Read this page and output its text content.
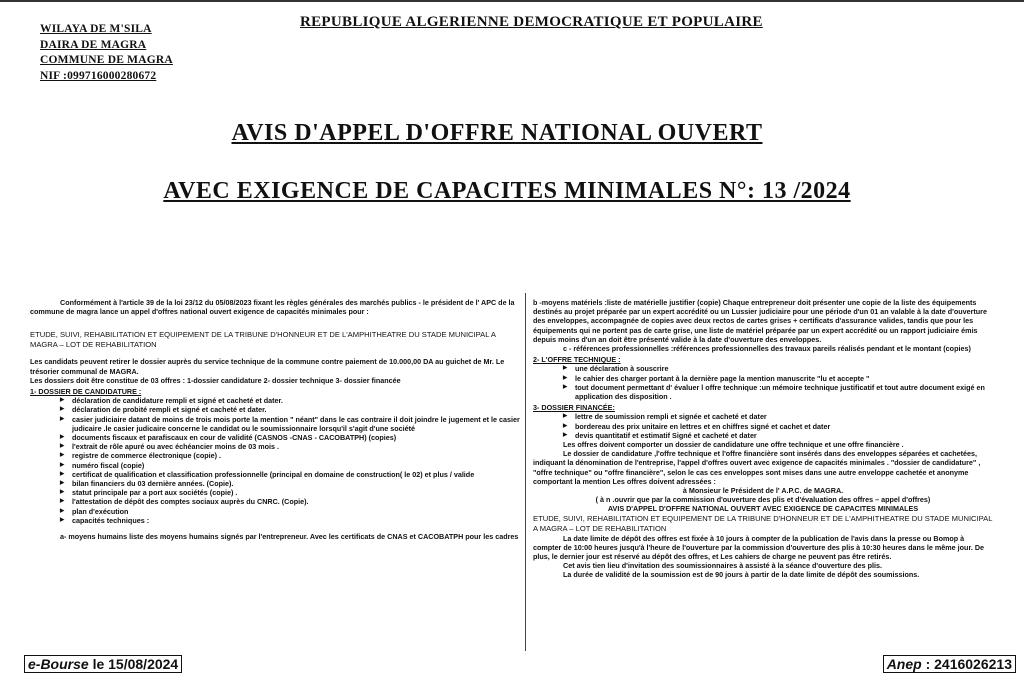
WILAYA DE M'SILA
DAIRA DE MAGRA
COMMUNE DE MAGRA
NIF :099716000280672
REPUBLIQUE ALGERIENNE DEMOCRATIQUE ET POPULAIRE
AVIS D'APPEL D'OFFRE NATIONAL OUVERT
AVEC EXIGENCE DE CAPACITES MINIMALES N°: 13 /2024

Conformément à l'article 39 de la loi 23/12 du 05/08/2023 fixant les règles générales des marchés publics - le président de l' APC de la commune de magra lance un appel d'offres national ouvert exigence de capacités minimales pour :

ETUDE, SUIVI, REHABILITATION ET EQUIPEMENT DE LA TRIBUNE D'HONNEUR ET DE L'AMPHITHEATRE DU STADE MUNICIPAL A MAGRA – LOT DE REHABILITATION

Les candidats peuvent retirer le dossier auprès du service technique de la commune contre paiement de 10.000,00 DA au guichet de Mr. Le trésorier communal de MAGRA.

Les dossiers doit être constitue de 03 offres : 1-dossier candidature 2- dossier technique 3- dossier financée

1- DOSSIER DE CANDIDATURE :

▶ déclaration de candidature rempli et signé et cacheté et dater.
▶ déclaration de probité rempli et signé et cacheté et dater.
▶ casier judiciaire datant de moins de trois mois porte la mention " néant" dans le cas contraire il doit joindre le jugement et le casier judicaire .le casier judicaire concerne le candidat ou le soumissionnaire lorsqu'il s'agit d'une société
▶ documents fiscaux et parafiscaux en cour de validité (CASNOS -CNAS - CACOBATPH) (copies)
▶ l'extrait de rôle apuré ou avec échéancier moins de 03 mois .
▶ registre de commerce électronique (copie) .
▶ numéro fiscal (copie)
▶ certificat de qualification et classification professionnelle (principal en domaine de construction( le 02) et plus / valide
▶ bilan financiers du 03 dernière années. (Copie).
▶ statut principale par a port aux sociétés (copie) .
▶ l'attestation de dépôt des comptes sociaux auprès du CNRC. (Copie).
▶ plan d'exécution
▶ capacités techniques :

a- moyens humains liste des moyens humains signés par l'entrepreneur. Avec les certificats de CNAS et CACOBATPH pour les cadres

b -moyens matériels :liste de matérielle justifier (copie) Chaque entrepreneur doit présenter une copie de la liste des équipements destinés au projet préparée par un expert accrédité ou un Lussier judiciaire pour une période d'un 01 an valable à la date d'ouverture des enveloppes, accompagnée de copies avec deux rectos de cartes grises + certificats d'assurance valides, tandis que pour les équipements qui ne portent pas de carte grise, une liste de matériel préparée par un expert accrédité ou un rapport judiciaire émis depuis moins d'un an doit être présenté valide à la date d'ouverture des enveloppes.

c - références professionnelles :références professionnelles des travaux pareils réalisés pendant et le montant (copies)

2- L'OFFRE TECHNIQUE :

▶ une déclaration à souscrire
▶ le cahier des charger portant à la dernière page la mention manuscrite "lu et accepte "
▶ tout document permettant d' évaluer l offre technique :un mémoire technique justificatif et tout autre document exigé en application des disposition .

3- DOSSIER FINANCÉE:

▶ lettre de soumission rempli et signée et cacheté et dater
▶ bordereau des prix unitaire en lettres et en chiffres signé et cachet et dater
▶ devis quantitatif et estimatif Signé et cacheté et dater

Les offres doivent comporter un dossier de candidature une offre technique et une offre financière .

Le dossier de candidature ,l'offre technique et l'offre financière sont insérés dans des enveloppes séparées et cachetées, indiquant la dénomination de l'entreprise, l'appel d'offres ouvert avec exigence de capacités minimales . "dossier de candidature" , "offre technique" ou "offre financière", selon le cas ces enveloppes sont mises dans une autre enveloppe cachetée et anonyme comportant la mention Les offres doivent adressées :

à Monsieur le Président de l' A.P.C. de MAGRA.

( à n .ouvrir que par la commission d'ouverture des plis et d'évaluation des offres – appel d'offres)

AVIS D'APPEL D'OFFRE NATIONAL OUVERT AVEC EXIGENCE DE CAPACITES MINIMALES

ETUDE, SUIVI, REHABILITATION ET EQUIPEMENT DE LA TRIBUNE D'HONNEUR ET DE L'AMPHITHEATRE DU STADE MUNICIPAL A MAGRA – LOT DE REHABILITATION

La date limite de dépôt des offres est fixée à 10 jours à compter de la publication de l'avis dans la presse ou Bomop à compter de 10:00 heures jusqu'à l'heure de l'ouverture par la commission d'ouverture des plis à 10:30 heures dans le même jour. De plus, le dernier jour est réservé au dépôt des offres, et Les cahiers de charge ne peuvent pas être retirés.

Cet avis tien lieu d'invitation des soumissionnaires à assisté à la séance d'ouverture des plis.

La durée de validité de la soumission est de 90 jours à partir de la date limite de dépôt des soumissions.

e-Bourse le 15/08/2024	Anep : 2416026213
